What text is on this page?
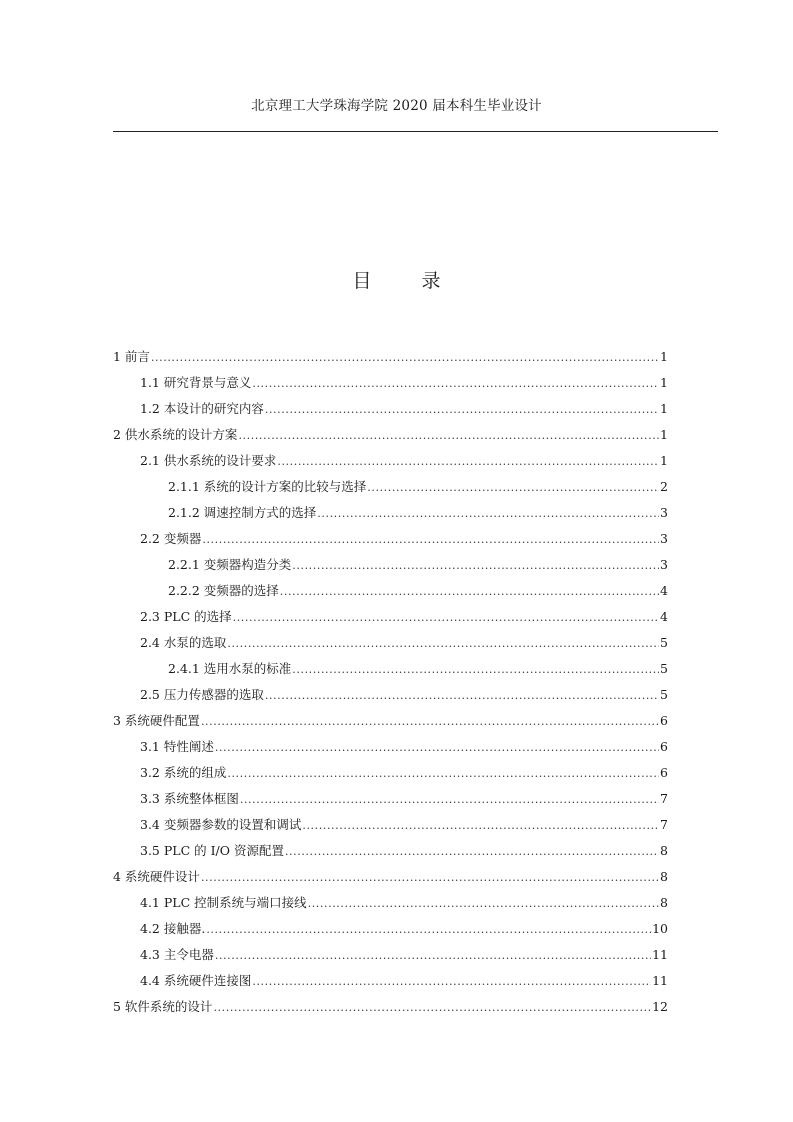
北京理工大学珠海学院 2020 届本科生毕业设计
目 录
1 前言 .....	1
1.1 研究背景与意义 .....	1
1.2 本设计的研究内容 .....	1
2 供水系统的设计方案 .....	1
2.1 供水系统的设计要求 .....	1
2.1.1 系统的设计方案的比较与选择 .....	2
2.1.2 调速控制方式的选择 .....	3
2.2 变频器 .....	3
2.2.1 变频器构造分类 .....	3
2.2.2 变频器的选择 .....	4
2.3 PLC 的选择 .....	4
2.4 水泵的选取 .....	5
2.4.1 选用水泵的标准 .....	5
2.5 压力传感器的选取 .....	5
3 系统硬件配置 .....	6
3.1 特性阐述 .....	6
3.2 系统的组成 .....	6
3.3 系统整体框图 .....	7
3.4 变频器参数的设置和调试 .....	7
3.5 PLC 的 I/O 资源配置 .....	8
4 系统硬件设计 .....	8
4.1 PLC 控制系统与端口接线 .....	8
4.2 接触器. .....	10
4.3 主令电器 .....	11
4.4 系统硬件连接图 .....	11
5 软件系统的设计 .....	12
